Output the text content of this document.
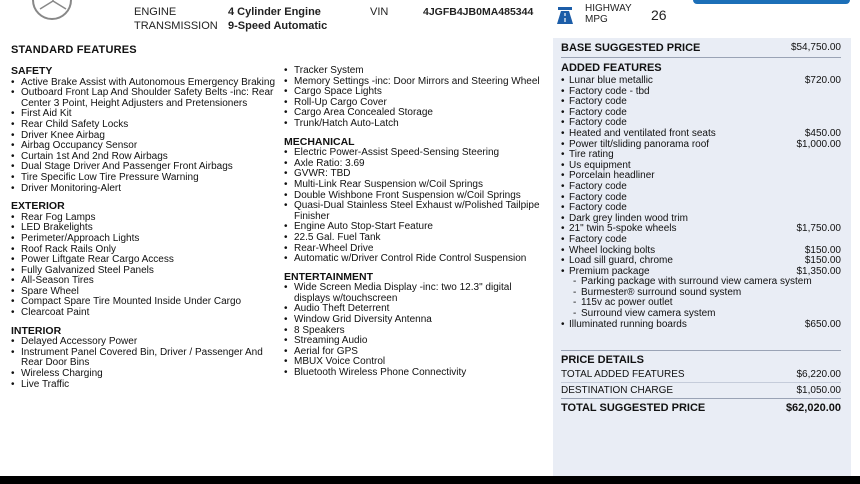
ENGINE	4 Cylinder Engine
TRANSMISSION 9-Speed Automatic
VIN	4JGFB4JB0MA485344	HIGHWAY MPG	26
STANDARD FEATURES
SAFETY
• Active Brake Assist with Autonomous Emergency Braking
• Outboard Front Lap And Shoulder Safety Belts -inc: Rear Center 3 Point, Height Adjusters and Pretensioners
• First Aid Kit
• Rear Child Safety Locks
• Driver Knee Airbag
• Airbag Occupancy Sensor
• Curtain 1st And 2nd Row Airbags
• Dual Stage Driver And Passenger Front Airbags
• Tire Specific Low Tire Pressure Warning
• Driver Monitoring-Alert
EXTERIOR
• Rear Fog Lamps
• LED Brakelights
• Perimeter/Approach Lights
• Roof Rack Rails Only
• Power Liftgate Rear Cargo Access
• Fully Galvanized Steel Panels
• All-Season Tires
• Spare Wheel
• Compact Spare Tire Mounted Inside Under Cargo
• Clearcoat Paint
INTERIOR
• Delayed Accessory Power
• Instrument Panel Covered Bin, Driver / Passenger And Rear Door Bins
• Wireless Charging
• Live Traffic
• Tracker System
• Memory Settings -inc: Door Mirrors and Steering Wheel
• Cargo Space Lights
• Roll-Up Cargo Cover
• Cargo Area Concealed Storage
• Trunk/Hatch Auto-Latch
MECHANICAL
• Electric Power-Assist Speed-Sensing Steering
• Axle Ratio: 3.69
• GVWR: TBD
• Multi-Link Rear Suspension w/Coil Springs
• Double Wishbone Front Suspension w/Coil Springs
• Quasi-Dual Stainless Steel Exhaust w/Polished Tailpipe Finisher
• Engine Auto Stop-Start Feature
• 22.5 Gal. Fuel Tank
• Rear-Wheel Drive
• Automatic w/Driver Control Ride Control Suspension
ENTERTAINMENT
• Wide Screen Media Display -inc: two 12.3" digital displays w/touchscreen
• Audio Theft Deterrent
• Window Grid Diversity Antenna
• 8 Speakers
• Streaming Audio
• Aerial for GPS
• MBUX Voice Control
• Bluetooth Wireless Phone Connectivity
BASE SUGGESTED PRICE	$54,750.00
ADDED FEATURES
• Lunar blue metallic	$720.00
• Factory code - tbd
• Factory code
• Factory code
• Factory code
• Heated and ventilated front seats	$450.00
• Power tilt/sliding panorama roof	$1,000.00
• Tire rating
• Us equipment
• Porcelain headliner
• Factory code
• Factory code
• Factory code
• Dark grey linden wood trim
• 21" twin 5-spoke wheels	$1,750.00
• Factory code
• Wheel locking bolts	$150.00
• Load sill guard, chrome	$150.00
• Premium package	$1,350.00
- Parking package with surround view camera system
- Burmester® surround sound system
- 115v ac power outlet
- Surround view camera system
• Illuminated running boards	$650.00
PRICE DETAILS
TOTAL ADDED FEATURES	$6,220.00
DESTINATION CHARGE	$1,050.00
TOTAL SUGGESTED PRICE	$62,020.00
